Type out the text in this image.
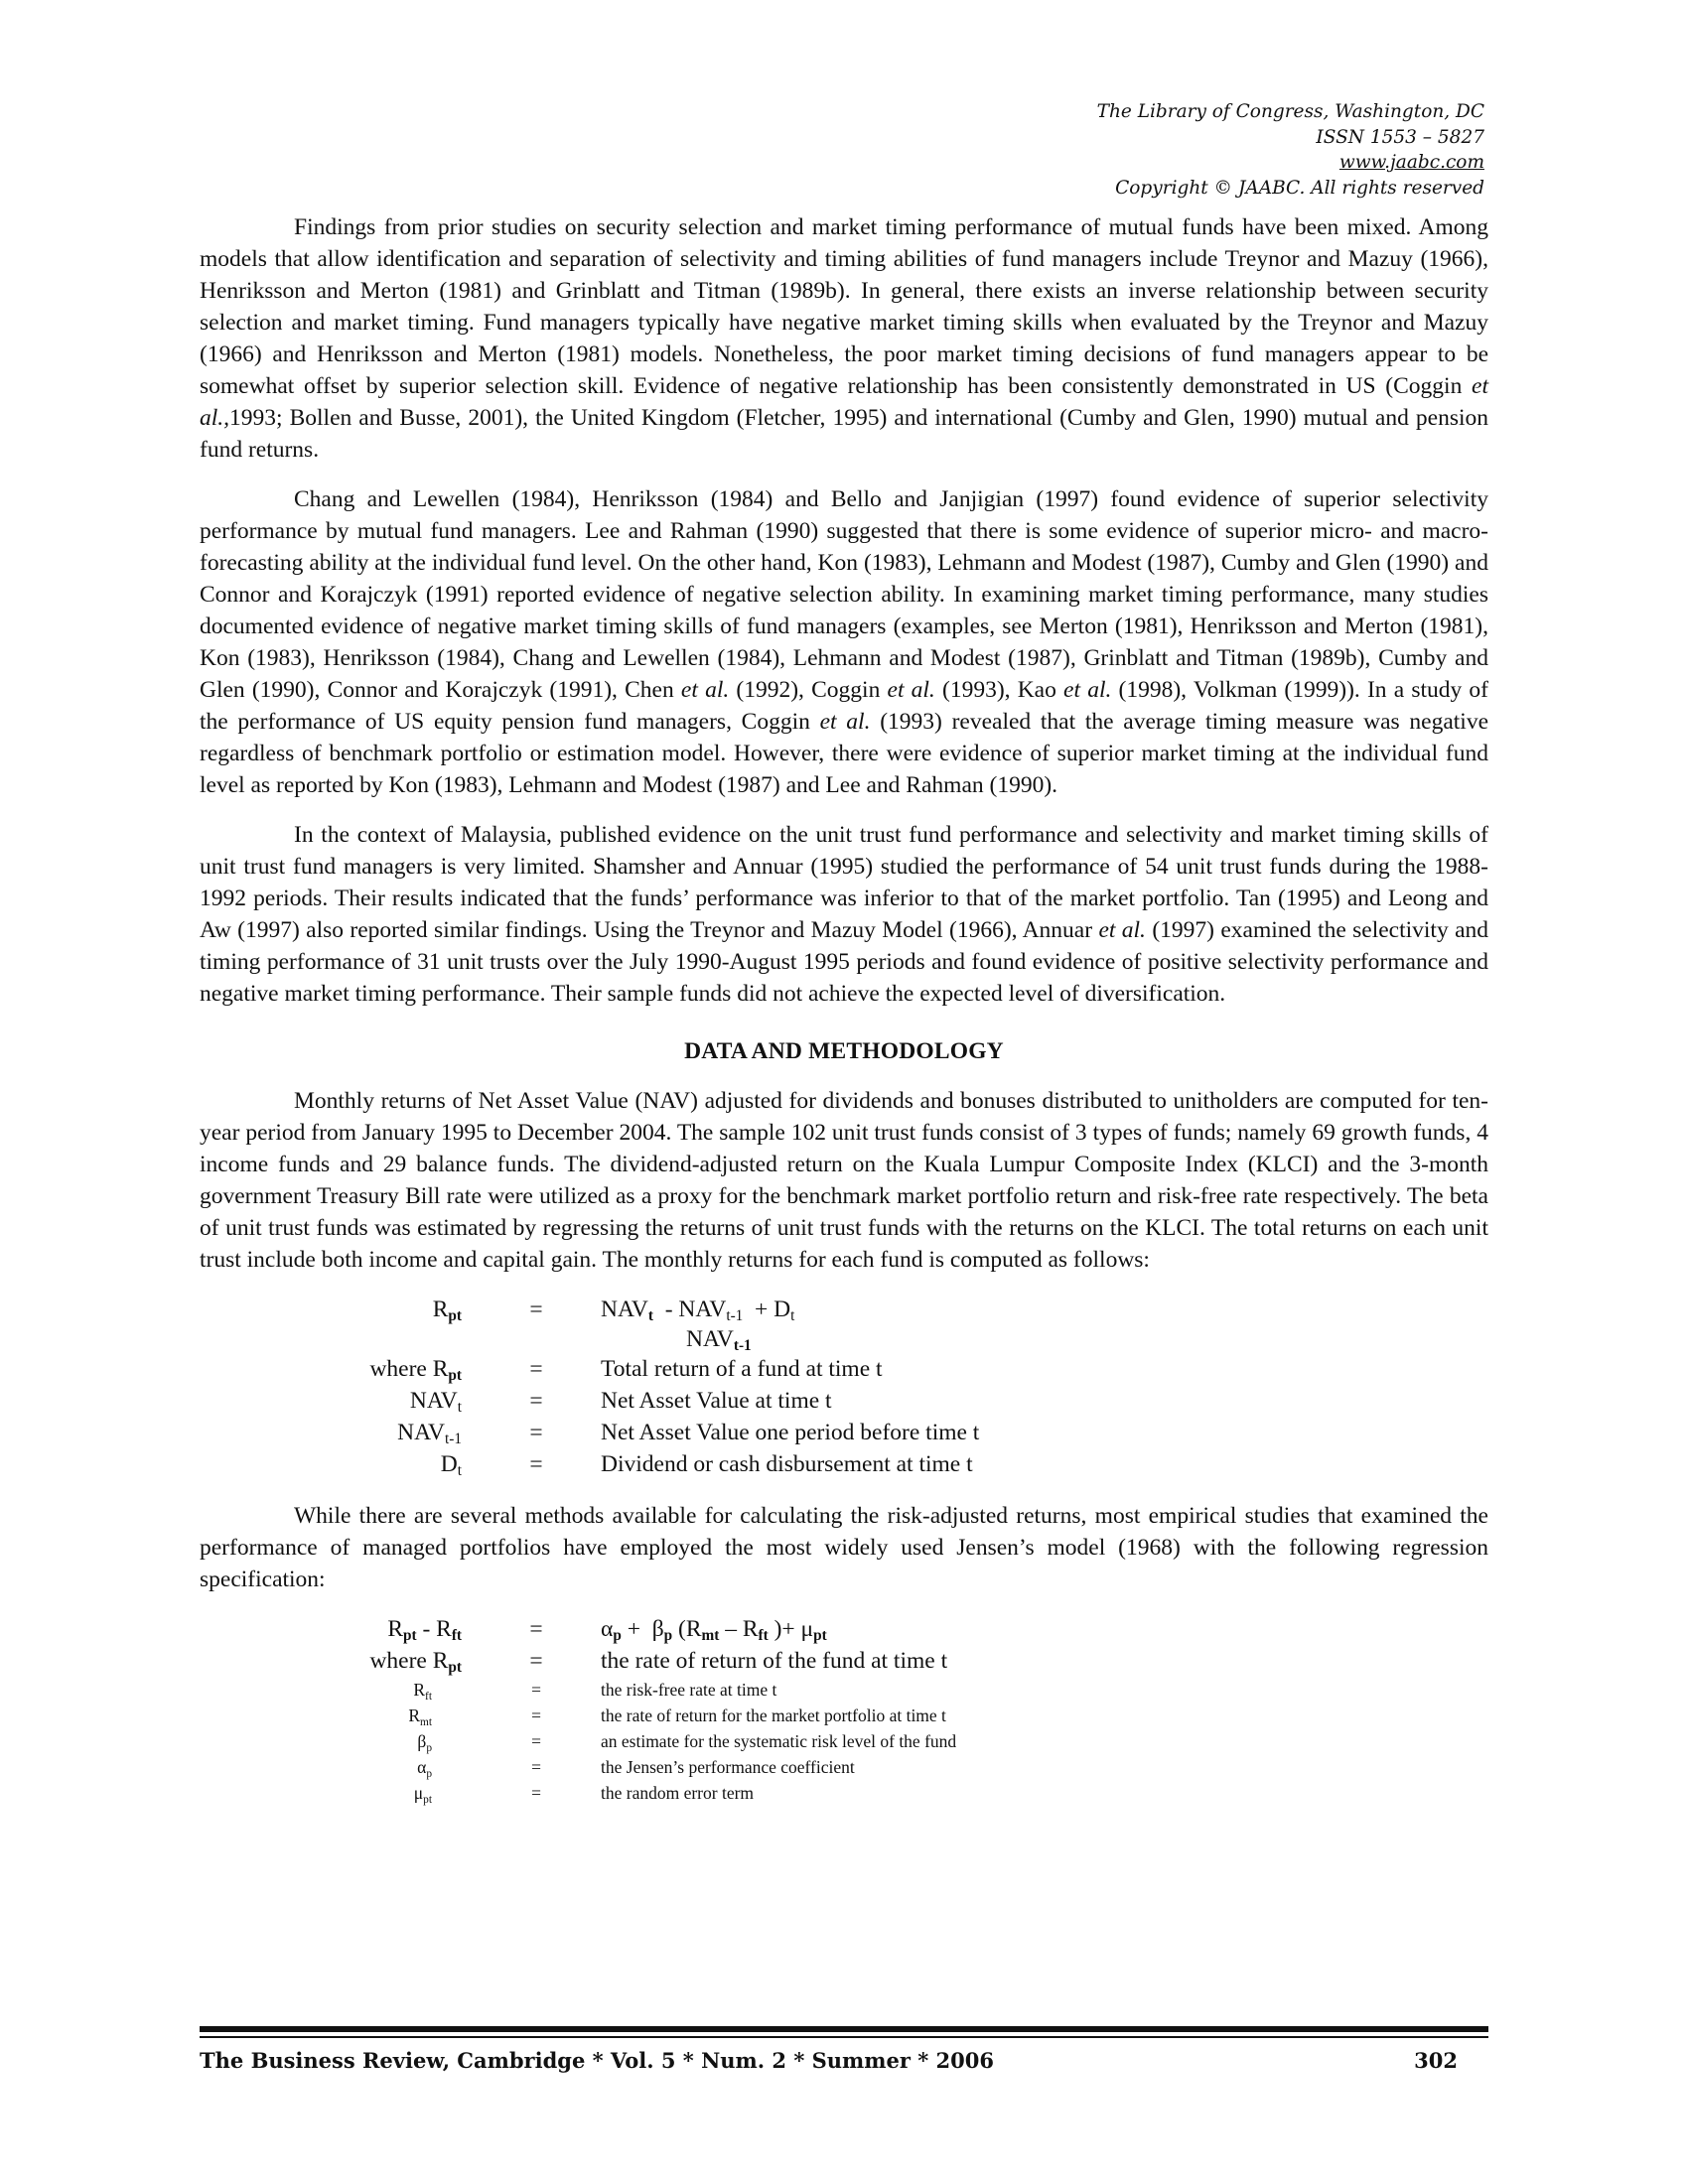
The Library of Congress, Washington, DC
ISSN 1553 – 5827
www.jaabc.com
Copyright © JAABC. All rights reserved

Findings from prior studies on security selection and market timing performance of mutual funds have been mixed. Among models that allow identification and separation of selectivity and timing abilities of fund managers include Treynor and Mazuy (1966), Henriksson and Merton (1981) and Grinblatt and Titman (1989b). In general, there exists an inverse relationship between security selection and market timing. Fund managers typically have negative market timing skills when evaluated by the Treynor and Mazuy (1966) and Henriksson and Merton (1981) models. Nonetheless, the poor market timing decisions of fund managers appear to be somewhat offset by superior selection skill. Evidence of negative relationship has been consistently demonstrated in US (Coggin et al.,1993; Bollen and Busse, 2001), the United Kingdom (Fletcher, 1995) and international (Cumby and Glen, 1990) mutual and pension fund returns.

Chang and Lewellen (1984), Henriksson (1984) and Bello and Janjigian (1997) found evidence of superior selectivity performance by mutual fund managers. Lee and Rahman (1990) suggested that there is some evidence of superior micro- and macro-forecasting ability at the individual fund level. On the other hand, Kon (1983), Lehmann and Modest (1987), Cumby and Glen (1990) and Connor and Korajczyk (1991) reported evidence of negative selection ability. In examining market timing performance, many studies documented evidence of negative market timing skills of fund managers (examples, see Merton (1981), Henriksson and Merton (1981), Kon (1983), Henriksson (1984), Chang and Lewellen (1984), Lehmann and Modest (1987), Grinblatt and Titman (1989b), Cumby and Glen (1990), Connor and Korajczyk (1991), Chen et al. (1992), Coggin et al. (1993), Kao et al. (1998), Volkman (1999)). In a study of the performance of US equity pension fund managers, Coggin et al. (1993) revealed that the average timing measure was negative regardless of benchmark portfolio or estimation model. However, there were evidence of superior market timing at the individual fund level as reported by Kon (1983), Lehmann and Modest (1987) and Lee and Rahman (1990).

In the context of Malaysia, published evidence on the unit trust fund performance and selectivity and market timing skills of unit trust fund managers is very limited. Shamsher and Annuar (1995) studied the performance of 54 unit trust funds during the 1988-1992 periods. Their results indicated that the funds’ performance was inferior to that of the market portfolio. Tan (1995) and Leong and Aw (1997) also reported similar findings. Using the Treynor and Mazuy Model (1966), Annuar et al. (1997) examined the selectivity and timing performance of 31 unit trusts over the July 1990-August 1995 periods and found evidence of positive selectivity performance and negative market timing performance. Their sample funds did not achieve the expected level of diversification.

DATA AND METHODOLOGY

Monthly returns of Net Asset Value (NAV) adjusted for dividends and bonuses distributed to unitholders are computed for ten-year period from January 1995 to December 2004. The sample 102 unit trust funds consist of 3 types of funds; namely 69 growth funds, 4 income funds and 29 balance funds. The dividend-adjusted return on the Kuala Lumpur Composite Index (KLCI) and the 3-month government Treasury Bill rate were utilized as a proxy for the benchmark market portfolio return and risk-free rate respectively. The beta of unit trust funds was estimated by regressing the returns of unit trust funds with the returns on the KLCI. The total returns on each unit trust include both income and capital gain. The monthly returns for each fund is computed as follows:

$R_{pt}$	=	$NAV_t - NAV_{t-1} + D_t$

		$NAV_{t-1}$

where $R_{pt}$	=	Total return of a fund at time t
$NAV_t$	=	Net Asset Value at time t
$NAV_{t-1}$	=	Net Asset Value one period before time t
$D_t$	=	Dividend or cash disbursement at time t

While there are several methods available for calculating the risk-adjusted returns, most empirical studies that examined the performance of managed portfolios have employed the most widely used Jensen’s model (1968) with the following regression specification:

$R_{pt} - R_{ft}$	=	$\alpha_p + \beta_p$ ($R_{mt} - R_{ft}$ )+ $\mu_{pt}$
where $R_{pt}$	=	the rate of return of the fund at time t
$R_{ft}$	=	the risk-free rate at time t
$R_{mt}$	=	the rate of return for the market portfolio at time t
$\beta_p$	=	an estimate for the systematic risk level of the fund
$\alpha_p$	=	the Jensen’s performance coefficient
$\mu_{pt}$	=	the random error term
The Business Review, Cambridge * Vol. 5 * Num. 2 * Summer * 2006	302
